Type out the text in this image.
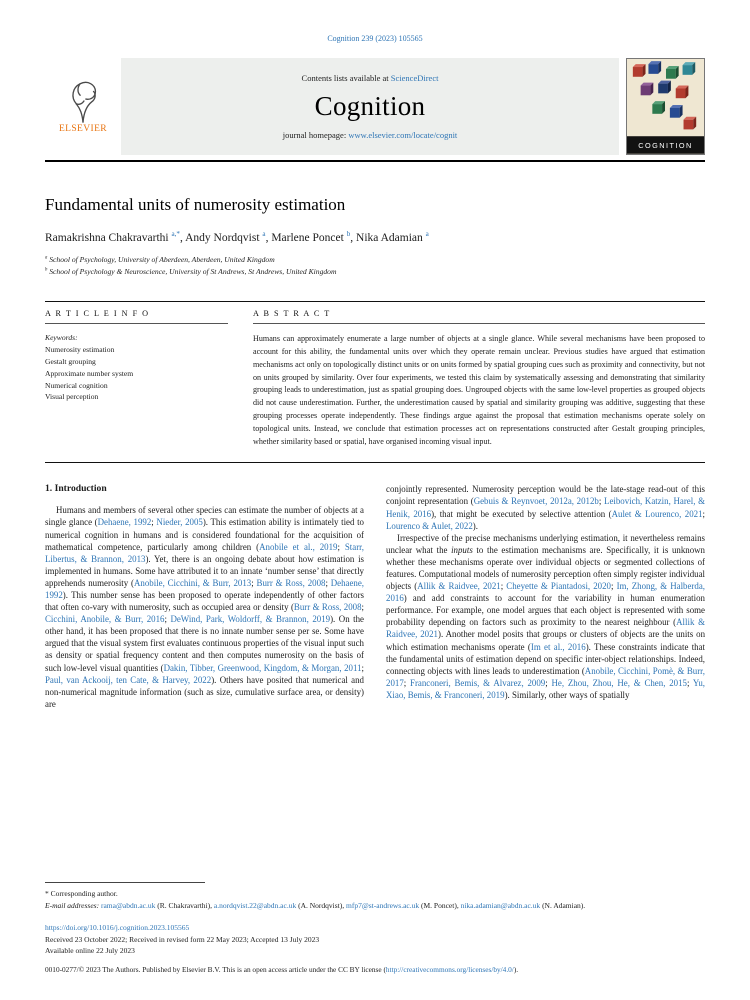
Cognition 239 (2023) 105565
ELSEVIER
Contents lists available at ScienceDirect
Cognition
journal homepage: www.elsevier.com/locate/cognit
COGNITION
Fundamental units of numerosity estimation
Ramakrishna Chakravarthi $^{a,*}$, Andy Nordqvist $^a$, Marlene Poncet $^b$, Nika Adamian $^a$
$^a$ School of Psychology, University of Aberdeen, Aberdeen, United Kingdom
$^b$ School of Psychology & Neuroscience, University of St Andrews, St Andrews, United Kingdom
A R T I C L E I N F O
Keywords:
Numerosity estimation
Gestalt grouping
Approximate number system
Numerical cognition
Visual perception
A B S T R A C T
Humans can approximately enumerate a large number of objects at a single glance. While several mechanisms have been proposed to account for this ability, the fundamental units over which they operate remain unclear. Previous studies have argued that estimation mechanisms act only on topologically distinct units or on units formed by spatial grouping cues such as proximity and connectivity, but not on units grouped by similarity. Over four experiments, we tested this claim by systematically assessing and demonstrating that similarity grouping leads to underestimation, just as spatial grouping does. Ungrouped objects with the same low-level properties as grouped objects did not cause underestimation. Further, the underestimation caused by spatial and similarity grouping was additive, suggesting that these grouping processes operate independently. These findings argue against the proposal that estimation mechanisms operate solely on topological units. Instead, we conclude that estimation processes act on representations constructed after Gestalt grouping principles, whether similarity based or spatial, have organised incoming visual input.
1. Introduction

Humans and members of several other species can estimate the number of objects at a single glance (Dehaene, 1992; Nieder, 2005). This estimation ability is intimately tied to numerical cognition in humans and is considered foundational for the acquisition of mathematical competence, particularly among children (Anobile et al., 2019; Starr, Libertus, & Brannon, 2013). Yet, there is an ongoing debate about how estimation is implemented in humans. Some have attributed it to an innate ‘number sense’ that directly apprehends numerosity (Anobile, Cicchini, & Burr, 2013; Burr & Ross, 2008; Dehaene, 1992). This number sense has been proposed to operate independently of other factors that often co-vary with numerosity, such as occupied area or density (Burr & Ross, 2008; Cicchini, Anobile, & Burr, 2016; DeWind, Park, Woldorff, & Brannon, 2019). On the other hand, it has been proposed that there is no innate number sense per se. Some have argued that the visual system first evaluates continuous properties of the visual input such as density or spatial frequency content and then computes numerosity on the basis of such low-level visual quantities (Dakin, Tibber, Greenwood, Kingdom, & Morgan, 2011; Paul, van Ackooij, ten Cate, & Harvey, 2022). Others have posited that numerical and non-numerical magnitude information (such as size, cumulative surface area, or density) are

conjointly represented. Numerosity perception would be the late-stage read-out of this conjoint representation (Gebuis & Reynvoet, 2012a, 2012b; Leibovich, Katzin, Harel, & Henik, 2016), that might be executed by selective attention (Aulet & Lourenco, 2021; Lourenco & Aulet, 2022).

Irrespective of the precise mechanisms underlying estimation, it nevertheless remains unclear what the inputs to the estimation mechanisms are. Specifically, it is unknown whether these mechanisms operate over individual objects or segmented collections of features. Computational models of numerosity perception often simply register individual objects (Allik & Raidvee, 2021; Cheyette & Piantadosi, 2020; Im, Zhong, & Halberda, 2016) and add constraints to account for the variability in human enumeration performance. For example, one model argues that each object is represented with some probability depending on factors such as proximity to the nearest neighbour (Allik & Raidvee, 2021). Another model posits that groups or clusters of objects are the units on which estimation mechanisms operate (Im et al., 2016). These constraints indicate that the fundamental units of estimation depend on specific inter-object relationships. Indeed, connecting objects with lines leads to underestimation (Anobile, Cicchini, Pomè, & Burr, 2017; Franconeri, Bemis, & Alvarez, 2009; He, Zhou, Zhou, He, & Chen, 2015; Yu, Xiao, Bemis, & Franconeri, 2019). Similarly, other ways of spatially

* Corresponding author.
E-mail addresses: rama@abdn.ac.uk (R. Chakravarthi), a.nordqvist.22@abdn.ac.uk (A. Nordqvist), mfp7@st-andrews.ac.uk (M. Poncet), nika.adamian@abdn.ac.uk (N. Adamian).
https://doi.org/10.1016/j.cognition.2023.105565
Received 23 October 2022; Received in revised form 22 May 2023; Accepted 13 July 2023
Available online 22 July 2023
0010-0277/© 2023 The Authors. Published by Elsevier B.V. This is an open access article under the CC BY license (http://creativecommons.org/licenses/by/4.0/).
